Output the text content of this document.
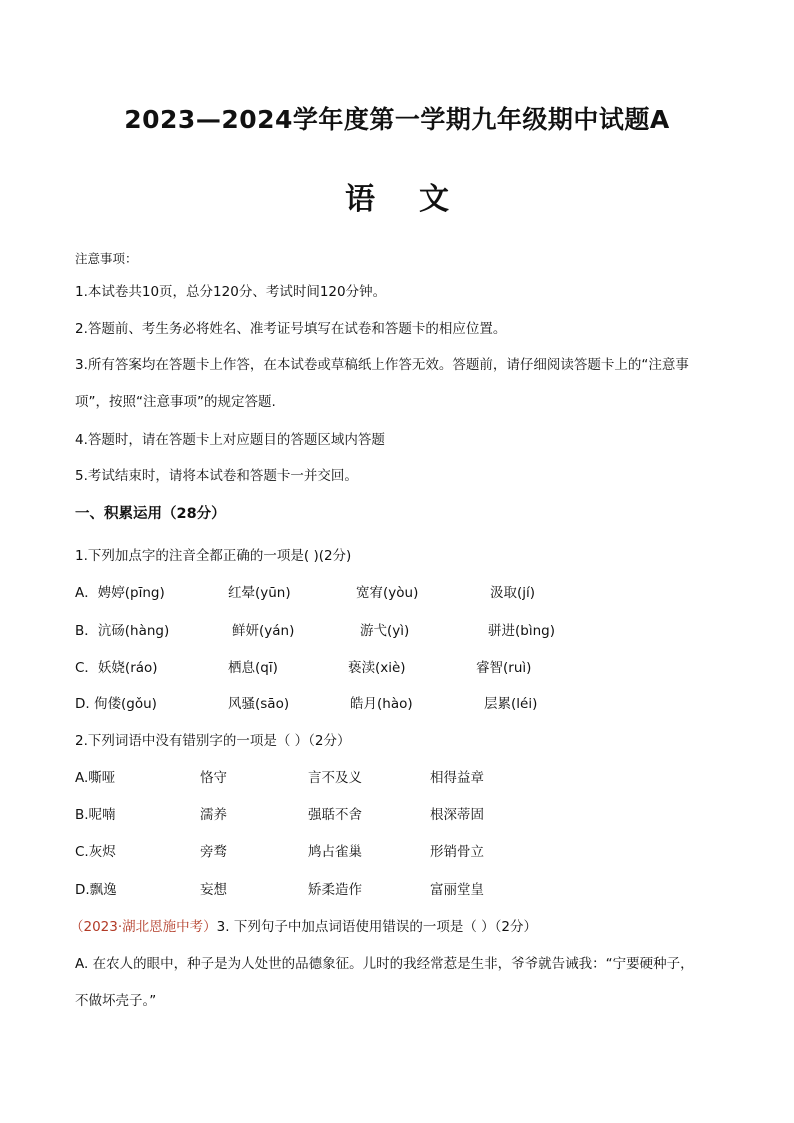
2023—2024学年度第一学期九年级期中试题A
语文
注意事项：
1.本试卷共10页，总分120分、考试时间120分钟。
2.答题前、考生务必将姓名、准考证号填写在试卷和答题卡的相应位置。
3.所有答案均在答题卡上作答，在本试卷或草稿纸上作答无效。答题前，请仔细阅读答题卡上的“注意事
项”，按照“注意事项”的规定答题.
4.答题时，请在答题卡上对应题目的答题区域内答题
5.考试结束时，请将本试卷和答题卡一并交回。
一、积累运用（28分）
1.下列加点字的注音全都正确的一项是( )(2分)
A．娉婷(pīng)	红晕(yūn)	宽宥(yòu)	汲取(jí)
B．沆砀(hàng)	鲜妍(yán)	游弋(yì)	骈进(bìng)
C．妖娆(ráo)	栖息(qī)	亵渎(xiè)	睿智(ruì)
D. 佝偻(gǒu)	风骚(sāo)	皓月(hào)	层累(léi)
2.下列词语中没有错别字的一项是（ ）（2分）
A.嘶哑	恪守	言不及义	相得益章
B.呢喃	濡养	强聒不舍	根深蒂固
C.灰烬	旁骛	鸠占雀巢	形销骨立
D.飘逸	妄想	矫柔造作	富丽堂皇
（2023·湖北恩施中考）3. 下列句子中加点词语使用错误的一项是（ ）（2分）
A. 在农人的眼中，种子是为人处世的品德象征。儿时的我经常惹是生非，爷爷就告诫我：“宁要硬种子，
不做坏壳子。”
